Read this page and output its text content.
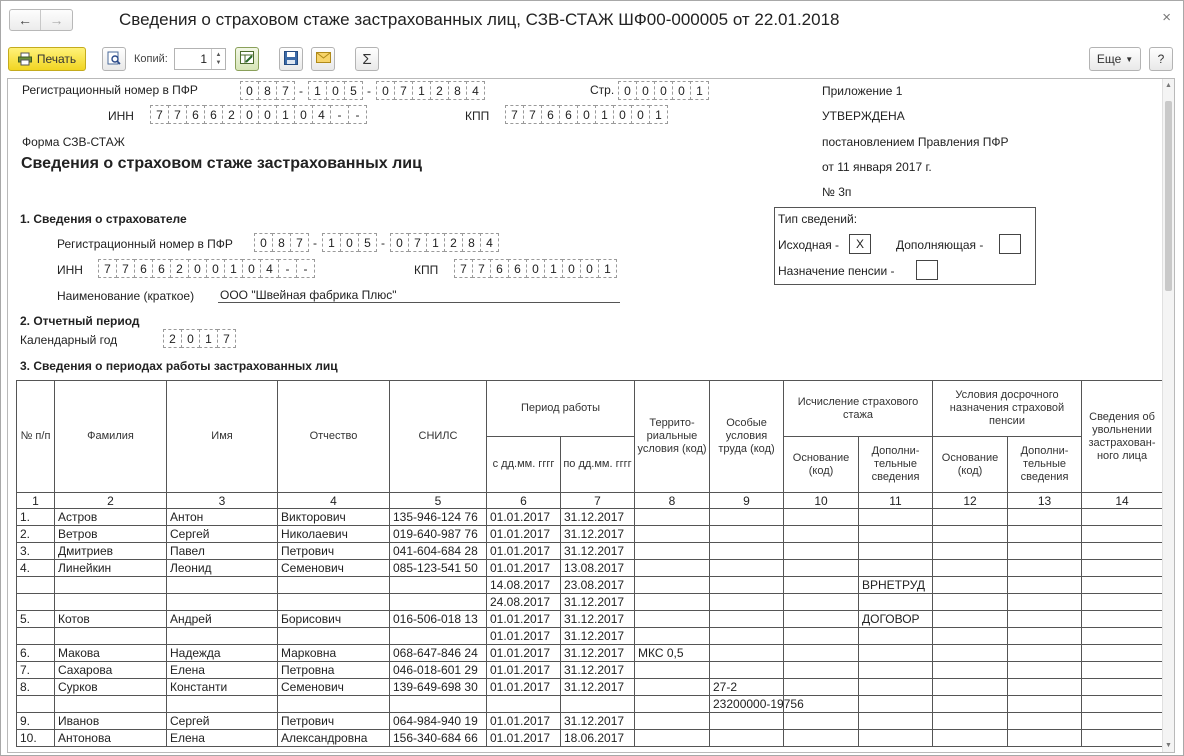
←	→	Сведения о страховом стаже застрахованных лиц, СЗВ-СТАЖ ШФ00-000005 от 22.01.2018	×
Печать	Копий:	1 ▲
▼	Σ	Еще ▼	?
Регистрационный номер в ПФР	0 8 7 - 1 0 5 - 0 7 1 2 8 4	Стр. 0 0 0 0 1
ИНН	7 7 6 6 2 0 0 1 0 4	-	-	КПП	7 7 6 6 0 1 0 0 1
Форма СЗВ-СТАЖ
Сведения о страховом стаже застрахованных лиц
Приложение 1
УТВЕРЖДЕНА
постановлением Правления ПФР
от 11 января 2017 г.
№ 3п
1. Сведения о страхователе
Регистрационный номер в ПФР	0 8 7 - 1 0 5 - 0 7 1 2 8 4
ИНН	7 7 6 6 2 0 0 1 0 4	-	-	КПП	7 7 6 6 0 1 0 0 1
Наименование (краткое) ООО "Швейная фабрика Плюс"
Тип сведений:
Исходная -	X	Дополняющая -
Назначение пенсии -
2. Отчетный период
Календарный год	2 0 1 7
3. Сведения о периодах работы застрахованных лиц
№ п/п	Фамилия	Имя	Отчество	СНИЛС	Период работы		Террито- риальные условия (код)	Особые условия труда (код)	Исчисление страхового стажа		Условия досрочного назначения страховой пенсии		Сведения об увольнении застрахован- ного лица
					с дд.мм. гггг	по дд.мм. гггг			Основание (код)	Дополни- тельные сведения	Основание (код)	Дополни- тельные сведения	
1	2	3	4	5	6	7	8	9	10	11	12	13	14
1.	Астров	Антон	Викторович	135-946-124 76	01.01.2017	31.12.2017							
2.	Ветров	Сергей	Николаевич	019-640-987 76	01.01.2017	31.12.2017							
3.	Дмитриев	Павел	Петрович	041-604-684 28	01.01.2017	31.12.2017							
4.	Линейкин	Леонид	Семенович	085-123-541 50	01.01.2017	13.08.2017							
					14.08.2017	23.08.2017				ВРНЕТРУД			
					24.08.2017	31.12.2017							
5.	Котов	Андрей	Борисович	016-506-018 13	01.01.2017	31.12.2017				ДОГОВОР			
					01.01.2017	31.12.2017							
6.	Макова	Надежда	Марковна	068-647-846 24	01.01.2017	31.12.2017	МКС 0,5						
7.	Сахарова	Елена	Петровна	046-018-601 29	01.01.2017	31.12.2017							
8.	Сурков	Константи	Семенович	139-649-698 30	01.01.2017	31.12.2017		27-2					
								23200000-19756					
9.	Иванов	Сергей	Петрович	064-984-940 19	01.01.2017	31.12.2017							
10.	Антонова	Елена	Александровна	156-340-684 66	01.01.2017	18.06.2017							
▲
▼
